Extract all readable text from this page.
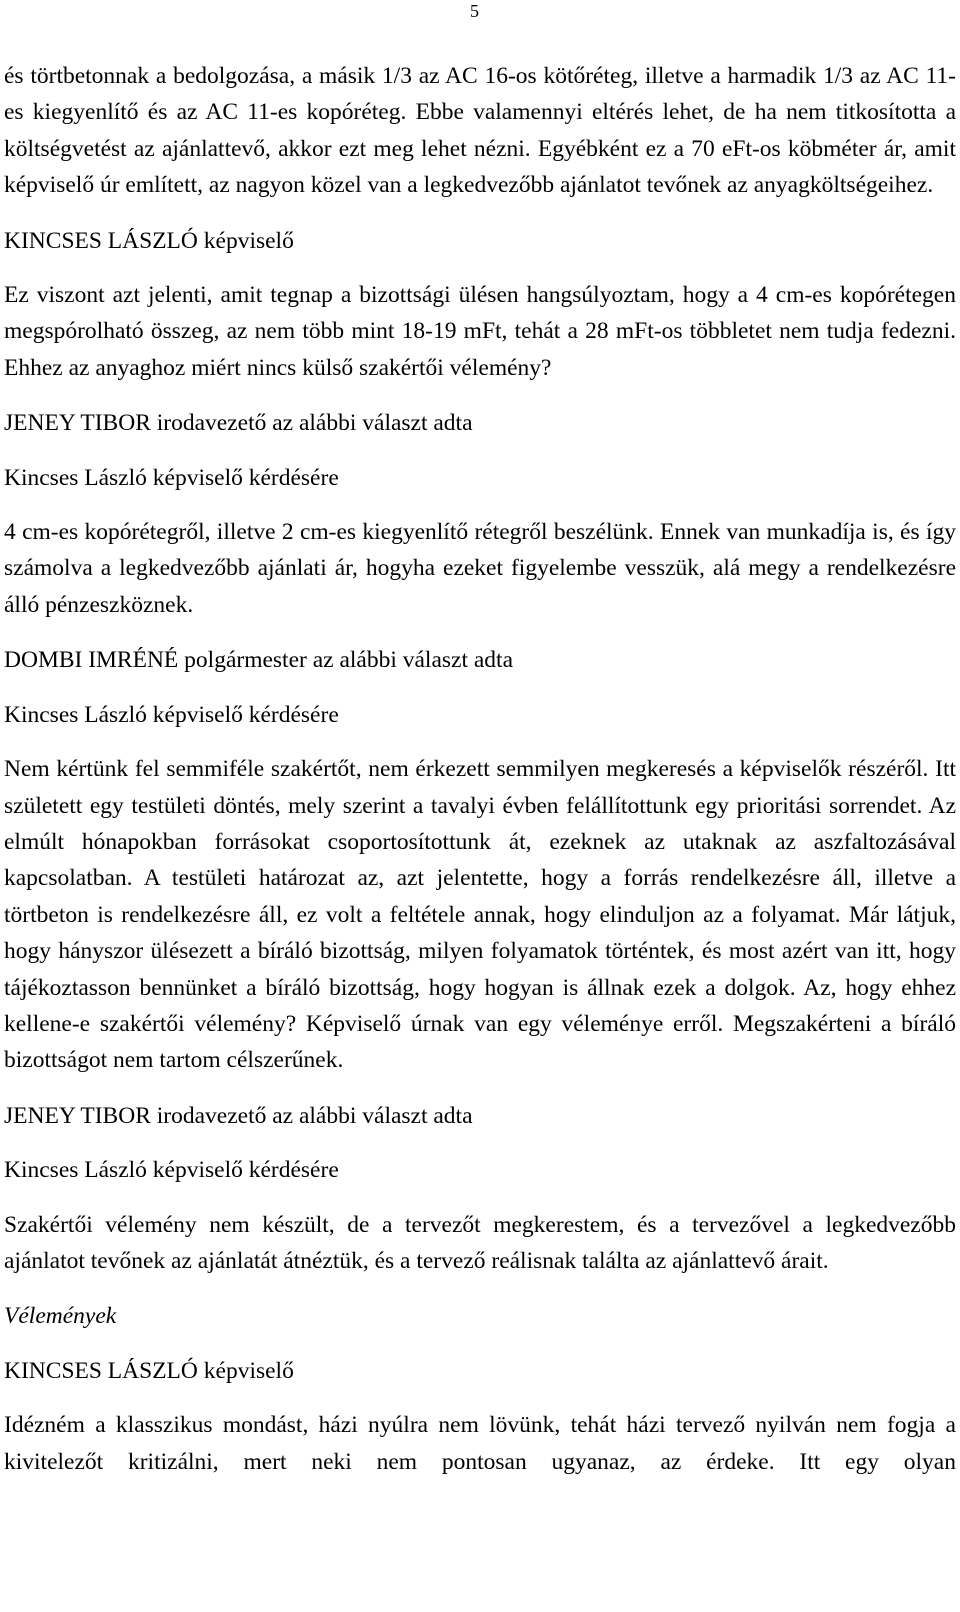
5

és törtbetonnak a bedolgozása, a másik 1/3 az AC 16-os kötőréteg, illetve a harmadik 1/3 az AC 11-es kiegyenlítő és az AC 11-es kopóréteg. Ebbe valamennyi eltérés lehet, de ha nem titkosította a költségvetést az ajánlattevő, akkor ezt meg lehet nézni. Egyébként ez a 70 eFt-os köbméter ár, amit képviselő úr említett, az nagyon közel van a legkedvezőbb ajánlatot tevőnek az anyagköltségeihez.

KINCSES LÁSZLÓ képviselő

Ez viszont azt jelenti, amit tegnap a bizottsági ülésen hangsúlyoztam, hogy a 4 cm-es kopórétegen megspórolható összeg, az nem több mint 18-19 mFt, tehát a 28 mFt-os többletet nem tudja fedezni. Ehhez az anyaghoz miért nincs külső szakértői vélemény?

JENEY TIBOR irodavezető az alábbi választ adta

Kincses László képviselő kérdésére

4 cm-es kopórétegről, illetve 2 cm-es kiegyenlítő rétegről beszélünk. Ennek van munkadíja is, és így számolva a legkedvezőbb ajánlati ár, hogyha ezeket figyelembe vesszük, alá megy a rendelkezésre álló pénzeszköznek.

DOMBI IMRÉNÉ polgármester az alábbi választ adta

Kincses László képviselő kérdésére

Nem kértünk fel semmiféle szakértőt, nem érkezett semmilyen megkeresés a képviselők részéről. Itt született egy testületi döntés, mely szerint a tavalyi évben felállítottunk egy prioritási sorrendet. Az elmúlt hónapokban forrásokat csoportosítottunk át, ezeknek az utaknak az aszfaltozásával kapcsolatban. A testületi határozat az, azt jelentette, hogy a forrás rendelkezésre áll, illetve a törtbeton is rendelkezésre áll, ez volt a feltétele annak, hogy elinduljon az a folyamat. Már látjuk, hogy hányszor ülésezett a bíráló bizottság, milyen folyamatok történtek, és most azért van itt, hogy tájékoztasson bennünket a bíráló bizottság, hogy hogyan is állnak ezek a dolgok. Az, hogy ehhez kellene-e szakértői vélemény? Képviselő úrnak van egy véleménye erről. Megszakérteni a bíráló bizottságot nem tartom célszerűnek.

JENEY TIBOR irodavezető az alábbi választ adta

Kincses László képviselő kérdésére

Szakértői vélemény nem készült, de a tervezőt megkerestem, és a tervezővel a legkedvezőbb ajánlatot tevőnek az ajánlatát átnéztük, és a tervező reálisnak találta az ajánlattevő árait.

Vélemények

KINCSES LÁSZLÓ képviselő

Idézném a klasszikus mondást, házi nyúlra nem lövünk, tehát házi tervező nyilván nem fogja a kivitelezőt kritizálni, mert neki nem pontosan ugyanaz, az érdeke. Itt egy olyan
